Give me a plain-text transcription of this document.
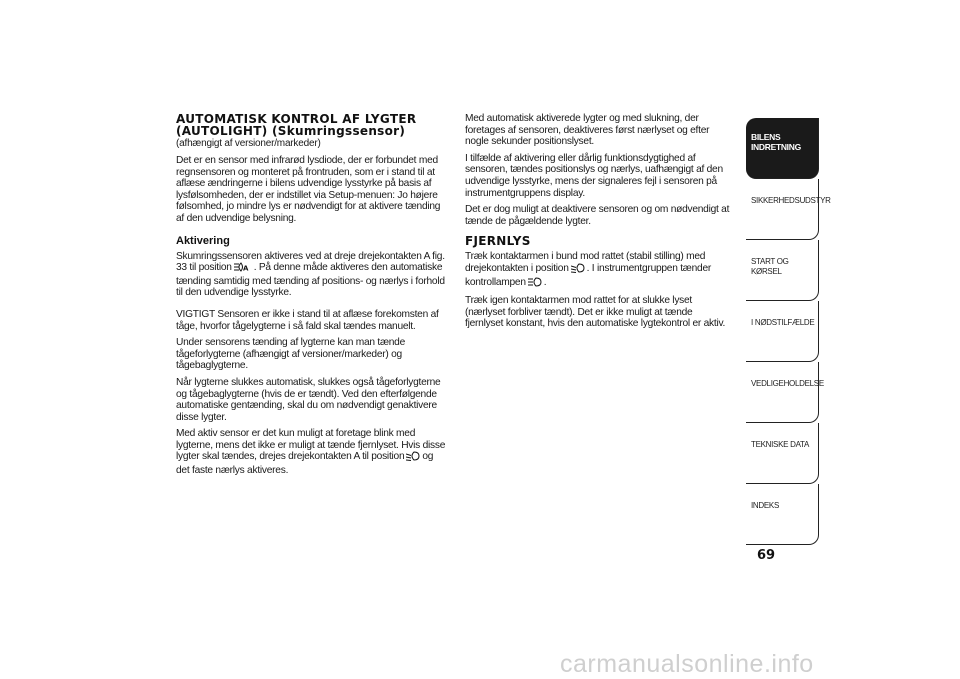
AUTOMATISK KONTROL AF LYGTER
(AUTOLIGHT) (Skumringssensor)
(afhængigt af versioner/markeder)

Det er en sensor med infrarød lysdiode, der er forbundet med regnsensoren og monteret på frontruden, som er i stand til at aflæse ændringerne i bilens udvendige lysstyrke på basis af lysfølsomheden, der er indstillet via Setup-menuen: Jo højere følsomhed, jo mindre lys er nødvendigt for at aktivere tænding af den udvendige belysning.

Aktivering

Skumringssensoren aktiveres ved at dreje drejekontakten A fig. 33 til position A . På denne måde aktiveres den automatiske tænding samtidig med tænding af positions- og nærlys i forhold til den udvendige lysstyrke.

VIGTIGT Sensoren er ikke i stand til at aflæse forekomsten af tåge, hvorfor tågelygterne i så fald skal tændes manuelt.

Under sensorens tænding af lygterne kan man tænde tågeforlygterne (afhængigt af versioner/markeder) og tågebaglygterne.

Når lygterne slukkes automatisk, slukkes også tågeforlygterne og tågebaglygterne (hvis de er tændt). Ved den efterfølgende automatiske gentænding, skal du om nødvendigt genaktivere disse lygter.

Med aktiv sensor er det kun muligt at foretage blink med lygterne, mens det ikke er muligt at tænde fjernlyset. Hvis disse lygter skal tændes, drejes drejekontakten A til position og det faste nærlys aktiveres.

Med automatisk aktiverede lygter og med slukning, der foretages af sensoren, deaktiveres først nærlyset og efter nogle sekunder positionslyset.

I tilfælde af aktivering eller dårlig funktionsdygtighed af sensoren, tændes positionslys og nærlys, uafhængigt af den udvendige lysstyrke, mens der signaleres fejl i sensoren på instrumentgruppens display.

Det er dog muligt at deaktivere sensoren og om nødvendigt at tænde de pågældende lygter.

FJERNLYS

Træk kontaktarmen i bund mod rattet (stabil stilling) med drejekontakten i position . I instrumentgruppen tænder kontrollampen .

Træk igen kontaktarmen mod rattet for at slukke lyset (nærlyset forbliver tændt). Det er ikke muligt at tænde fjernlyset konstant, hvis den automatiske lygtekontrol er aktiv.

BILENS
INDRETNING
SIKKERHEDSUDSTYR
START OG KØRSEL
I NØDSTILFÆLDE
VEDLIGEHOLDELSE
TEKNISKE DATA
INDEKS
69
carmanualsonline.info
